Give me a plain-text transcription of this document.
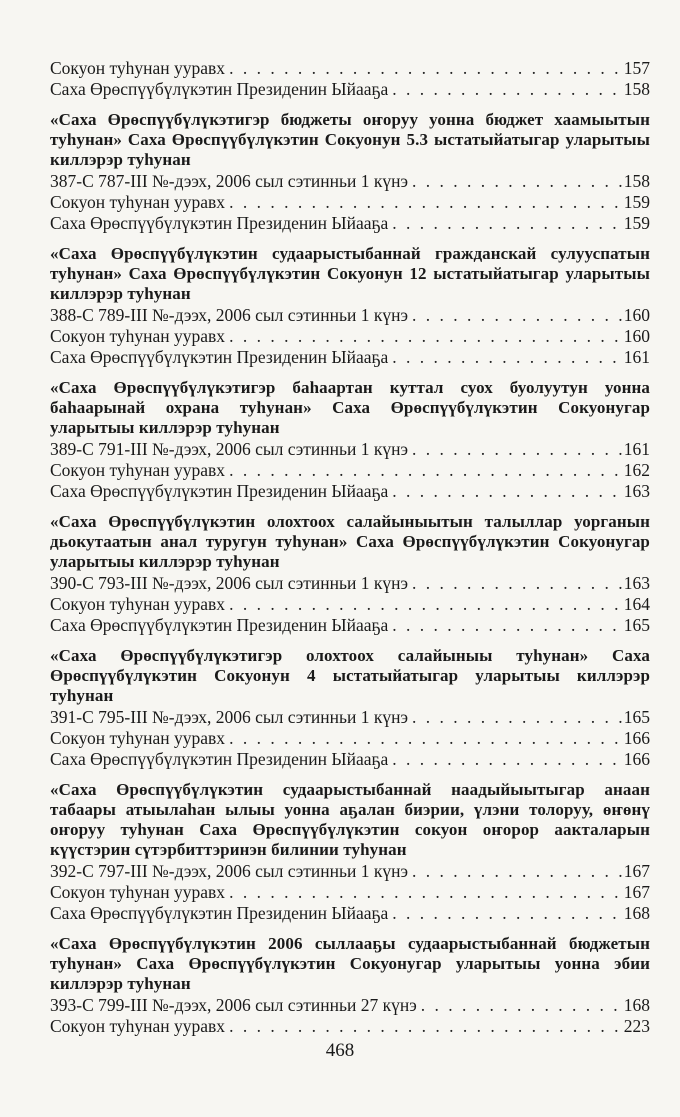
Сокуон туһунан ууравх . . .	157
Саха Өрөспүүбүлүкэтин Президенин Ыйааҕа . . .	158
«Саха Өрөспүүбүлүкэтигэр бюджеты оҥоруу уонна бюджет хаамыытын туһунан» Саха Өрөспүүбүлүкэтин Сокуонун 5.3 ыстатыйатыгар уларытыы киллэрэр туһунан
387-С 787-III №-дээх, 2006 сыл сэтинньи 1 күнэ . . .	158
Сокуон туһунан ууравх . . .	159
Саха Өрөспүүбүлүкэтин Президенин Ыйааҕа . . .	159
«Саха Өрөспүүбүлүкэтин судаарыстыбаннай гражданскай сулууспатын туһунан» Саха Өрөспүүбүлүкэтин Сокуонун 12 ыстатыйатыгар уларытыы киллэрэр туһунан
388-С 789-III №-дээх, 2006 сыл сэтинньи 1 күнэ . . .	160
Сокуон туһунан ууравх . . .	160
Саха Өрөспүүбүлүкэтин Президенин Ыйааҕа . . .	161
«Саха Өрөспүүбүлүкэтигэр баһаартан куттал суох буолуутун уонна баһаарынай охрана туһунан» Саха Өрөспүүбүлүкэтин Сокуонугар уларытыы киллэрэр туһунан
389-С 791-III №-дээх, 2006 сыл сэтинньи 1 күнэ . . .	161
Сокуон туһунан ууравх . . .	162
Саха Өрөспүүбүлүкэтин Президенин Ыйааҕа . . .	163
«Саха Өрөспүүбүлүкэтин олохтоох салайыныытын талыллар уорганын дьокутаатын анал туругун туһунан» Саха Өрөспүүбүлүкэтин Сокуонугар уларытыы киллэрэр туһунан
390-С 793-III №-дээх, 2006 сыл сэтинньи 1 күнэ . . .	163
Сокуон туһунан ууравх . . .	164
Саха Өрөспүүбүлүкэтин Президенин Ыйааҕа . . .	165
«Саха Өрөспүүбүлүкэтигэр олохтоох салайыныы туһунан» Саха Өрөспүүбүлүкэтин Сокуонун 4 ыстатыйатыгар уларытыы киллэрэр туһунан
391-С 795-III №-дээх, 2006 сыл сэтинньи 1 күнэ . . .	165
Сокуон туһунан ууравх . . .	166
Саха Өрөспүүбүлүкэтин Президенин Ыйааҕа . . .	166
«Саха Өрөспүүбүлүкэтин судаарыстыбаннай наадыйыытыгар анаан табаары атыылаһан ылыы уонна аҕалан биэрии, үлэни толоруу, өҥөнү оҥоруу туһунан Саха Өрөспүүбүлүкэтин сокуон оҥорор аакталарын күүстэрин сүтэрбиттэринэн билинии туһунан
392-С 797-III №-дээх, 2006 сыл сэтинньи 1 күнэ . . .	167
Сокуон туһунан ууравх . . .	167
Саха Өрөспүүбүлүкэтин Президенин Ыйааҕа . . .	168
«Саха Өрөспүүбүлүкэтин 2006 сыллааҕы судаарыстыбаннай бюджетын туһунан» Саха Өрөспүүбүлүкэтин Сокуонугар уларытыы уонна эбии киллэрэр туһунан
393-С 799-III №-дээх, 2006 сыл сэтинньи 27 күнэ . . .	168
Сокуон туһунан ууравх . . .	223
468
